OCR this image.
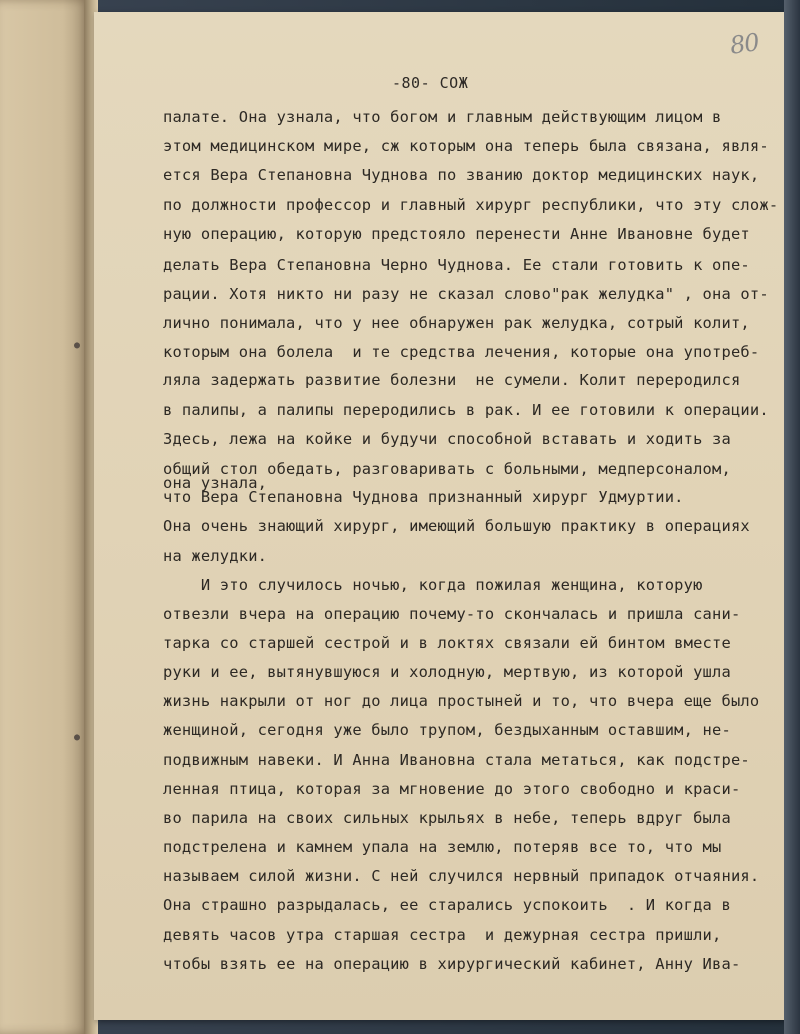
80
-80- СОЖ
●
●
палате. Она узнала, что богом и главным действующим лицом в
этом медицинском мире, сж которым она теперь была связана, явля-
ется Вера Степановна Чуднова по званию доктор медицинских наук,
по должности профессор и главный хирург республики, что эту слож-
ную операцию, которую предстояло перенести Анне Ивановне будет
делать Вера Степановна Черно Чуднова. Ее стали готовить к опе-
рации. Хотя никто ни разу не сказал слово"рак желудка" , она от-
лично понимала, что у нее обнаружен рак желудка, сотрый колит,
которым она болела  и те средства лечения, которые она употреб-
ляла задержать развитие болезни  не сумели. Колит переродился
в палипы, а палипы переродились в рак. И ее готовили к операции.
Здесь, лежа на койке и будучи способной вставать и ходить за
общий стол обедать, разговаривать с больными, медперсоналом,
она узнала,
что Вера Степановна Чуднова признанный хирург Удмуртии.
Она очень знающий хирург, имеющий большую практику в операциях
на желудки.
И это случилось ночью, когда пожилая женщина, которую
отвезли вчера на операцию почему-то скончалась и пришла сани-
тарка со старшей сестрой и в локтях связали ей бинтом вместе
руки и ее, вытянувшуюся и холодную, мертвую, из которой ушла
жизнь накрыли от ног до лица простыней и то, что вчера еще было
женщиной, сегодня уже было трупом, бездыханным оставшим, не-
подвижным навеки. И Анна Ивановна стала метаться, как подстре-
ленная птица, которая за мгновение до этого свободно и краси-
во парила на своих сильных крыльях в небе, теперь вдруг была
подстрелена и камнем упала на землю, потеряв все то, что мы
называем силой жизни. С ней случился нервный припадок отчаяния.
Она страшно разрыдалась, ее старались успокоить  . И когда в
девять часов утра старшая сестра  и дежурная сестра пришли,
чтобы взять ее на операцию в хирургический кабинет, Анну Ива-
